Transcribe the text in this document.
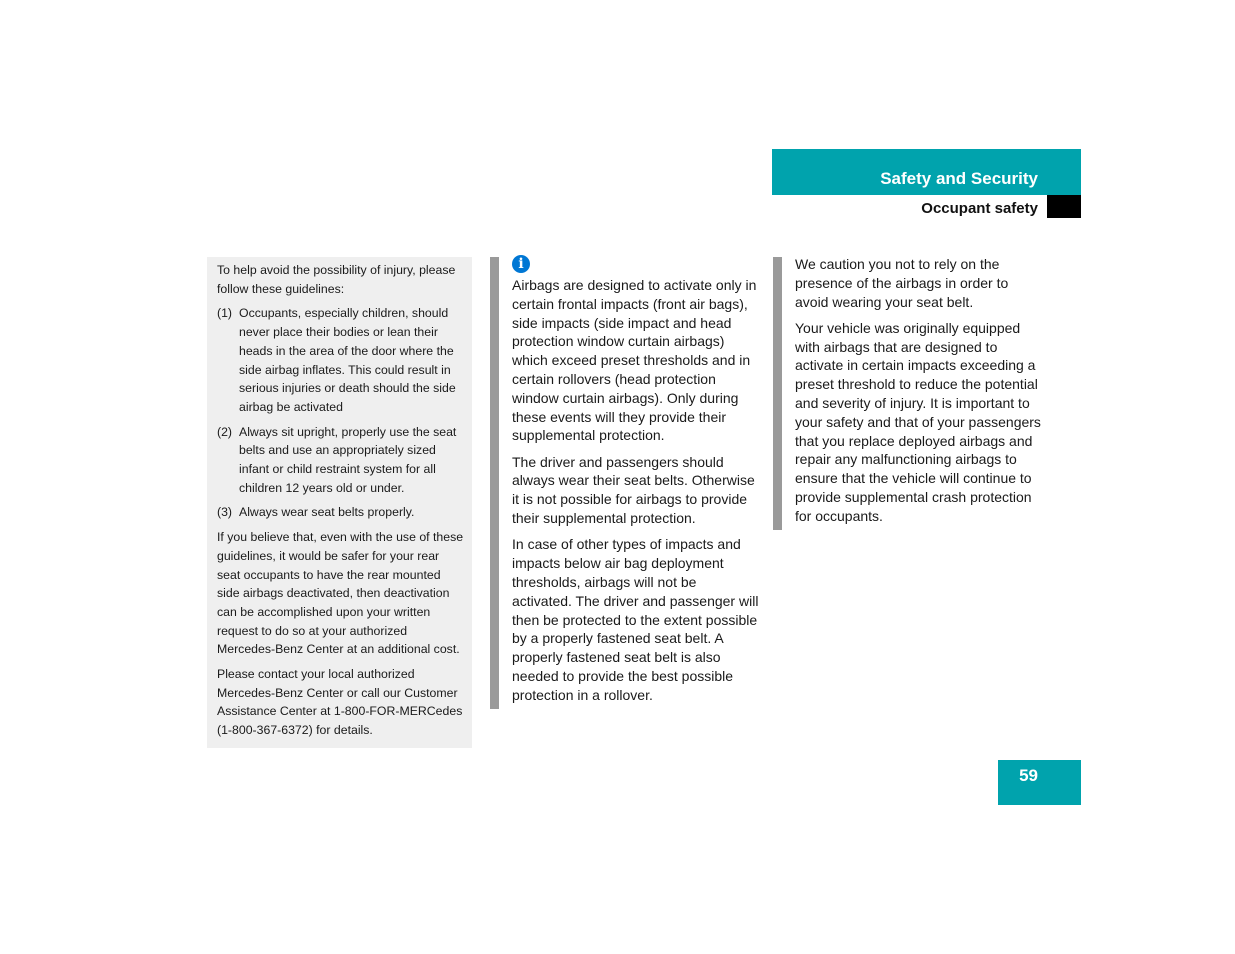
Safety and Security
Occupant safety

To help avoid the possibility of injury, please follow these guidelines:

(1) Occupants, especially children, should never place their bodies or lean their heads in the area of the door where the side airbag inflates. This could result in serious injuries or death should the side airbag be activated
(2) Always sit upright, properly use the seat belts and use an appropriately sized infant or child restraint system for all children 12 years old or under.
(3) Always wear seat belts properly.

If you believe that, even with the use of these guidelines, it would be safer for your rear seat occupants to have the rear mounted side airbags deactivated, then deactivation can be accomplished upon your written request to do so at your authorized Mercedes-Benz Center at an additional cost.

Please contact your local authorized Mercedes-Benz Center or call our Customer Assistance Center at 1-800-FOR-MERCedes (1-800-367-6372) for details.

i

Airbags are designed to activate only in certain frontal impacts (front air bags), side impacts (side impact and head protection window curtain airbags) which exceed preset thresholds and in certain rollovers (head protection window curtain airbags). Only during these events will they provide their supplemental protection.

The driver and passengers should always wear their seat belts. Otherwise it is not possible for airbags to provide their supplemental protection.

In case of other types of impacts and impacts below air bag deployment thresholds, airbags will not be activated. The driver and passenger will then be protected to the extent possible by a properly fastened seat belt. A properly fastened seat belt is also needed to provide the best possible protection in a rollover.

We caution you not to rely on the presence of the airbags in order to avoid wearing your seat belt.

Your vehicle was originally equipped with airbags that are designed to activate in certain impacts exceeding a preset threshold to reduce the potential and severity of injury. It is important to your safety and that of your passengers that you replace deployed airbags and repair any malfunctioning airbags to ensure that the vehicle will continue to provide supplemental crash protection for occupants.

59
